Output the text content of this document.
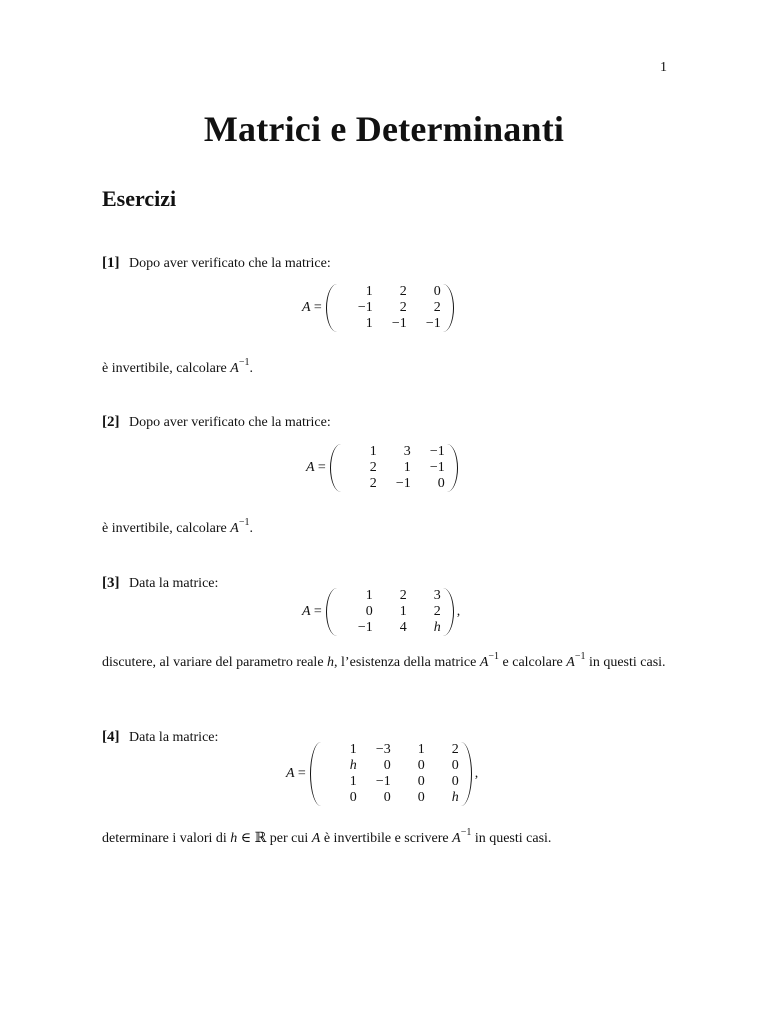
1
Matrici e Determinanti
Esercizi
[1] Dopo aver verificato che la matrice:
A =
1	2	0
−1	2	2
1	−1	−1
è invertibile, calcolare $A^{-1}$.
[2] Dopo aver verificato che la matrice:
A =
1	3	−1
2	1	−1
2	−1	0
è invertibile, calcolare $A^{-1}$.
[3] Data la matrice:
A =
1	2	3
0	1	2
−1	4	h
,
discutere, al variare del parametro reale h, l’esistenza della matrice $A^{-1}$ e calcolare $A^{-1}$ in questi casi.
[4] Data la matrice:
A =
1	−3	1	2
h	0	0	0
1	−1	0	0
0	0	0	h
,
determinare i valori di h ∈ ℝ per cui A è invertibile e scrivere $A^{-1}$ in questi casi.
